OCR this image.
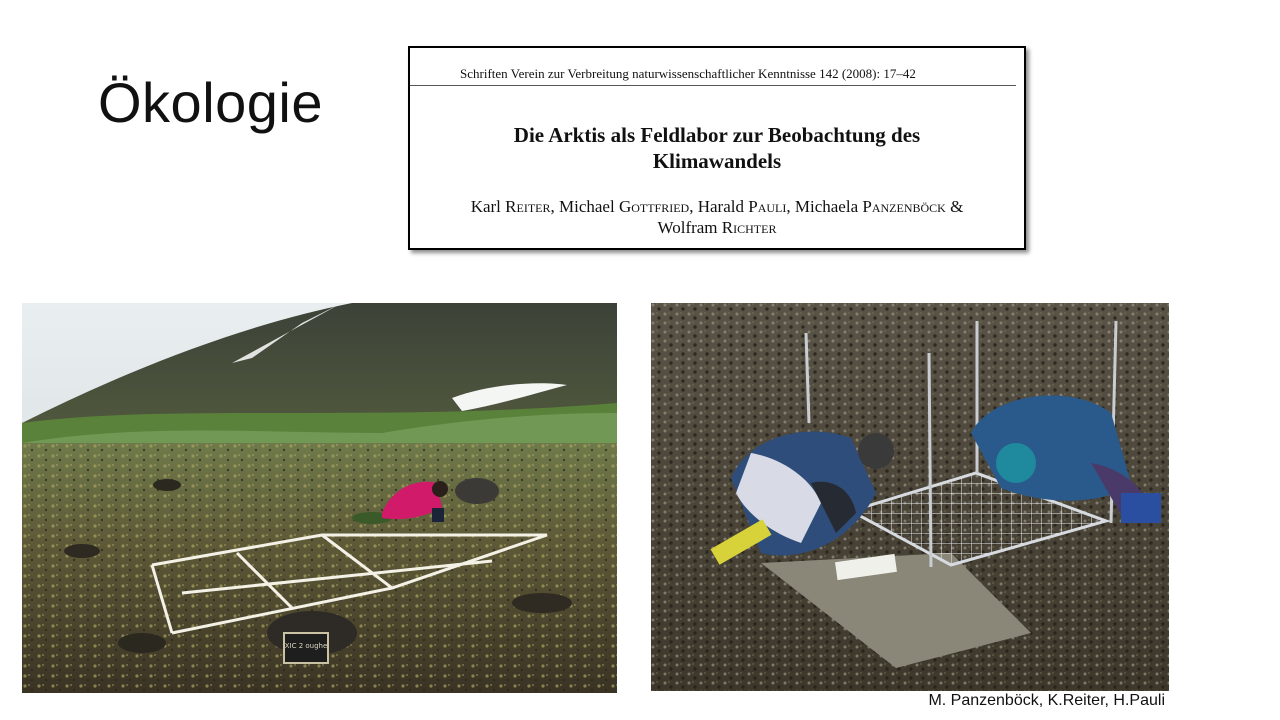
Ökologie	Schriften Verein zur Verbreitung naturwissenschaftlicher Kenntnisse 142 (2008): 17–42
Die Arktis als Feldlabor zur Beobachtung des
Klimawandels
Karl Reiter, Michael Gottfried, Harald Pauli, Michaela Panzenböck &
Wolfram Richter
XIC 2 oughe
M. Panzenböck, K.Reiter, H.Pauli
